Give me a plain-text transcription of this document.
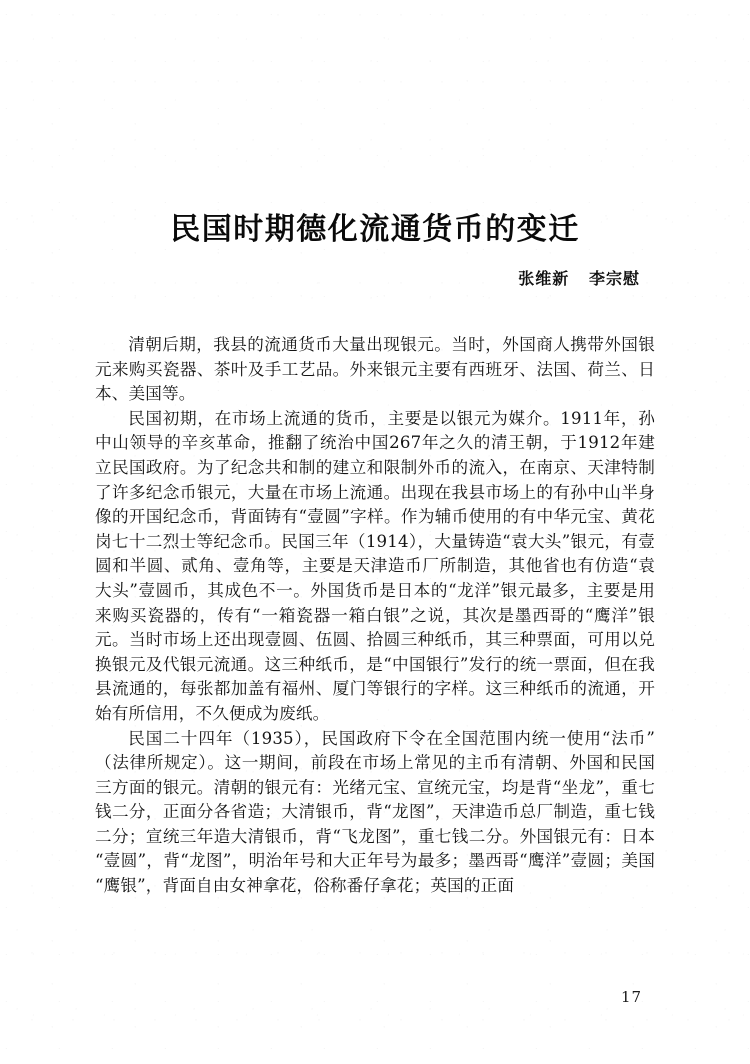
民国时期德化流通货币的变迁
张维新   李宗慰

清朝后期，我县的流通货币大量出现银元。当时，外国商人携带外国银元来购买瓷器、茶叶及手工艺品。外来银元主要有西班牙、法国、荷兰、日本、美国等。

民国初期，在市场上流通的货币，主要是以银元为媒介。1911年，孙中山领导的辛亥革命，推翻了统治中国267年之久的清王朝，于1912年建立民国政府。为了纪念共和制的建立和限制外币的流入，在南京、天津特制了许多纪念币银元，大量在市场上流通。出现在我县市场上的有孙中山半身像的开国纪念币，背面铸有“壹圆”字样。作为辅币使用的有中华元宝、黄花岗七十二烈士等纪念币。民国三年（1914），大量铸造“袁大头”银元，有壹圆和半圆、贰角、壹角等，主要是天津造币厂所制造，其他省也有仿造“袁大头”壹圆币，其成色不一。外国货币是日本的“龙洋”银元最多，主要是用来购买瓷器的，传有“一箱瓷器一箱白银”之说，其次是墨西哥的“鹰洋”银元。当时市场上还出现壹圆、伍圆、拾圆三种纸币，其三种票面，可用以兑换银元及代银元流通。这三种纸币，是“中国银行”发行的统一票面，但在我县流通的，每张都加盖有福州、厦门等银行的字样。这三种纸币的流通，开始有所信用，不久便成为废纸。

民国二十四年（1935），民国政府下令在全国范围内统一使用“法币”（法律所规定）。这一期间，前段在市场上常见的主币有清朝、外国和民国三方面的银元。清朝的银元有：光绪元宝、宣统元宝，均是背“坐龙”，重七钱二分，正面分各省造；大清银币，背“龙图”，天津造币总厂制造，重七钱二分；宣统三年造大清银币，背“飞龙图”，重七钱二分。外国银元有：日本“壹圆”，背“龙图”，明治年号和大正年号为最多；墨西哥“鹰洋”壹圆；美国“鹰银”，背面自由女神拿花，俗称番仔拿花；英国的正面

17
